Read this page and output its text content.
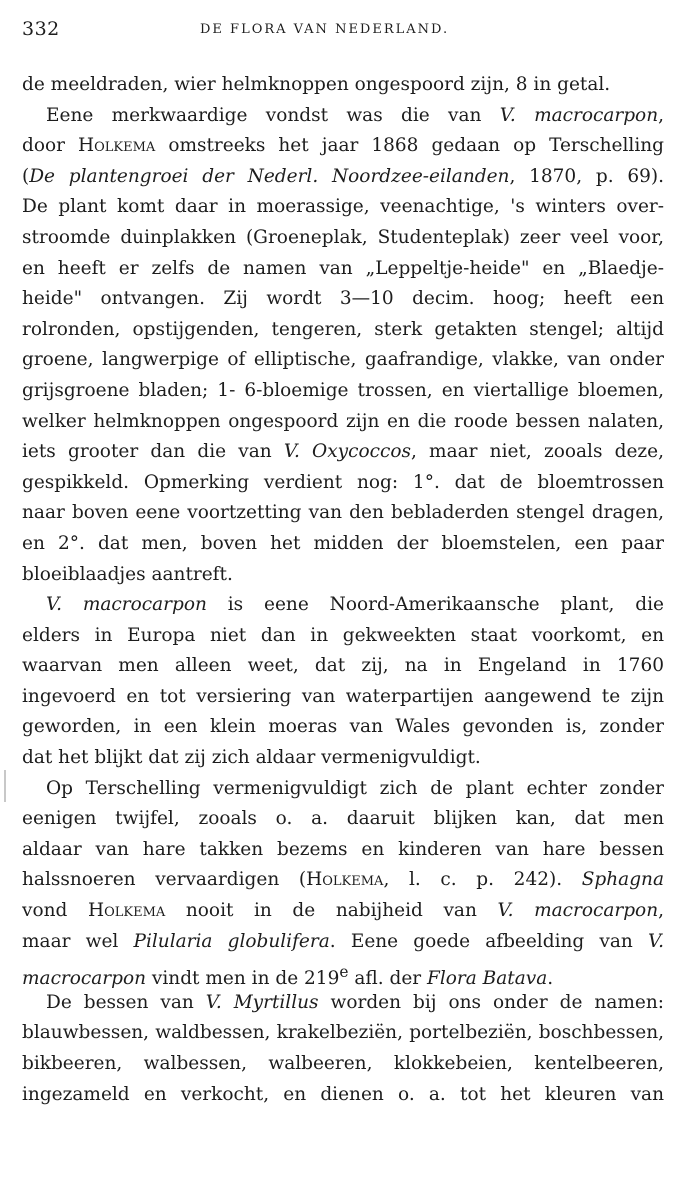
332	DE FLORA VAN NEDERLAND.
de meeldraden, wier helmknoppen ongespoord zijn, 8 in getal.
Eene merkwaardige vondst was die van V. macrocarpon,
door Holkema omstreeks het jaar 1868 gedaan op Terschelling
(De plantengroei der Nederl. Noordzee-eilanden, 1870, p. 69).
De plant komt daar in moerassige, veenachtige, 's winters over-
stroomde duinplakken (Groeneplak, Studenteplak) zeer veel voor,
en heeft er zelfs de namen van „Leppeltje-heide" en „Blaedje-
heide" ontvangen. Zij wordt 3—10 decim. hoog; heeft een
rolronden, opstijgenden, tengeren, sterk getakten stengel; altijd
groene, langwerpige of elliptische, gaafrandige, vlakke, van onder
grijsgroene bladen; 1- 6-bloemige trossen, en viertallige bloemen,
welker helmknoppen ongespoord zijn en die roode bessen nalaten,
iets grooter dan die van V. Oxycoccos, maar niet, zooals deze,
gespikkeld. Opmerking verdient nog: 1°. dat de bloemtrossen
naar boven eene voortzetting van den bebladerden stengel dragen,
en 2°. dat men, boven het midden der bloemstelen, een paar
bloeiblaadjes aantreft.
V. macrocarpon is eene Noord-Amerikaansche plant, die
elders in Europa niet dan in gekweekten staat voorkomt, en
waarvan men alleen weet, dat zij, na in Engeland in 1760
ingevoerd en tot versiering van waterpartijen aangewend te zijn
geworden, in een klein moeras van Wales gevonden is, zonder
dat het blijkt dat zij zich aldaar vermenigvuldigt.
Op Terschelling vermenigvuldigt zich de plant echter zonder
eenigen twijfel, zooals o. a. daaruit blijken kan, dat men
aldaar van hare takken bezems en kinderen van hare bessen
halssnoeren vervaardigen (Holkema, l. c. p. 242). Sphagna
vond Holkema nooit in de nabijheid van V. macrocarpon,
maar wel Pilularia globulifera. Eene goede afbeelding van V.
macrocarpon vindt men in de 219e afl. der Flora Batava.
De bessen van V. Myrtillus worden bij ons onder de namen:
blauwbessen, waldbessen, krakelbeziën, portelbeziën, boschbessen,
bikbeeren, walbessen, walbeeren, klokkebeien, kentelbeeren,
ingezameld en verkocht, en dienen o. a. tot het kleuren van
